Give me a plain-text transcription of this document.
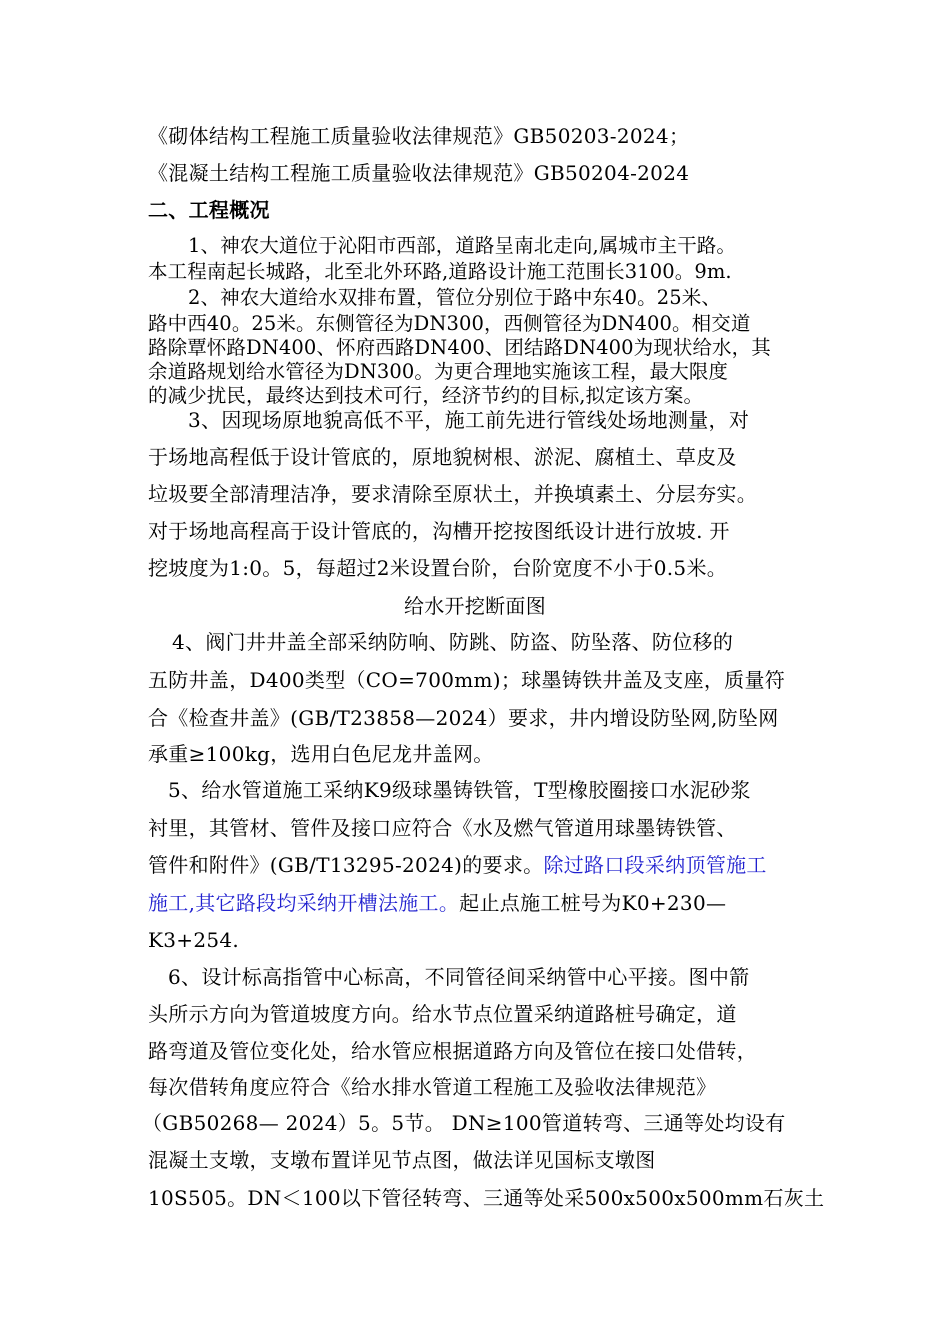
《砌体结构工程施工质量验收法律规范》GB50203-2024；
《混凝土结构工程施工质量验收法律规范》GB50204-2024
二、工程概况
1、神农大道位于沁阳市西部，道路呈南北走向,属城市主干路。
本工程南起长城路，北至北外环路,道路设计施工范围长3100。9m.
2、神农大道给水双排布置，管位分别位于路中东40。25米、
路中西40。25米。东侧管径为DN300，西侧管径为DN400。相交道
路除覃怀路DN400、怀府西路DN400、团结路DN400为现状给水，其
余道路规划给水管径为DN300。为更合理地实施该工程，最大限度
的减少扰民，最终达到技术可行，经济节约的目标,拟定该方案。
3、因现场原地貌高低不平，施工前先进行管线处场地测量，对
于场地高程低于设计管底的，原地貌树根、淤泥、腐植土、草皮及
垃圾要全部清理洁净，要求清除至原状土，并换填素土、分层夯实。
对于场地高程高于设计管底的，沟槽开挖按图纸设计进行放坡. 开
挖坡度为1:0。5，每超过2米设置台阶，台阶宽度不小于0.5米。
给水开挖断面图
4、阀门井井盖全部采纳防响、防跳、防盗、防坠落、防位移的
五防井盖，D400类型（CO=700mm)；球墨铸铁井盖及支座，质量符
合《检查井盖》(GB/T23858—2024）要求，井内增设防坠网,防坠网
承重≥100kg，选用白色尼龙井盖网。
5、给水管道施工采纳K9级球墨铸铁管，T型橡胶圈接口水泥砂浆
衬里，其管材、管件及接口应符合《水及燃气管道用球墨铸铁管、
管件和附件》(GB/T13295-2024)的要求。除过路口段采纳顶管施工
施工,其它路段均采纳开槽法施工。起止点施工桩号为K0+230—
K3+254.
6、设计标高指管中心标高，不同管径间采纳管中心平接。图中箭
头所示方向为管道坡度方向。给水节点位置采纳道路桩号确定，道
路弯道及管位变化处，给水管应根据道路方向及管位在接口处借转，
每次借转角度应符合《给水排水管道工程施工及验收法律规范》
（GB50268— 2024）5。5节。 DN≥100管道转弯、三通等处均设有
混凝土支墩，支墩布置详见节点图，做法详见国标支墩图
10S505。DN＜100以下管径转弯、三通等处采500x500x500mm石灰土
